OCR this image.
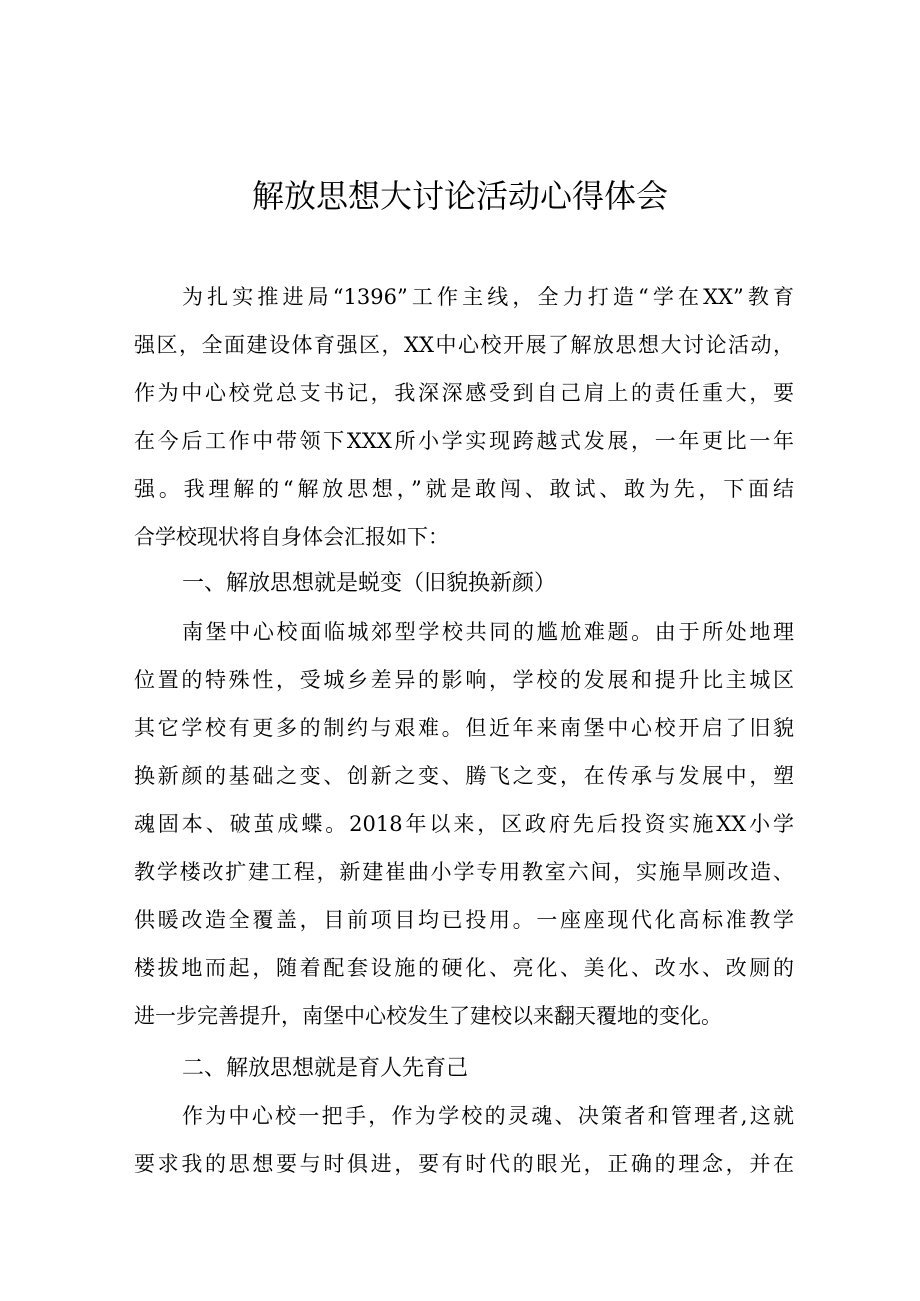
解放思想大讨论活动心得体会
为扎实推进局“1396”工作主线，全力打造“学在XX”教育
强区，全面建设体育强区，XX中心校开展了解放思想大讨论活动，
作为中心校党总支书记，我深深感受到自己肩上的责任重大，要
在今后工作中带领下XXX所小学实现跨越式发展，一年更比一年
强。我理解的“解放思想，”就是敢闯、敢试、敢为先，下面结
合学校现状将自身体会汇报如下：
一、解放思想就是蜕变（旧貌换新颜）
南堡中心校面临城郊型学校共同的尴尬难题。由于所处地理
位置的特殊性，受城乡差异的影响，学校的发展和提升比主城区
其它学校有更多的制约与艰难。但近年来南堡中心校开启了旧貌
换新颜的基础之变、创新之变、腾飞之变，在传承与发展中，塑
魂固本、破茧成蝶。2018年以来，区政府先后投资实施XX小学
教学楼改扩建工程，新建崔曲小学专用教室六间，实施旱厕改造、
供暖改造全覆盖，目前项目均已投用。一座座现代化高标准教学
楼拔地而起，随着配套设施的硬化、亮化、美化、改水、改厕的
进一步完善提升，南堡中心校发生了建校以来翻天覆地的变化。
二、解放思想就是育人先育己
作为中心校一把手，作为学校的灵魂、决策者和管理者,这就
要求我的思想要与时俱进，要有时代的眼光，正确的理念，并在
